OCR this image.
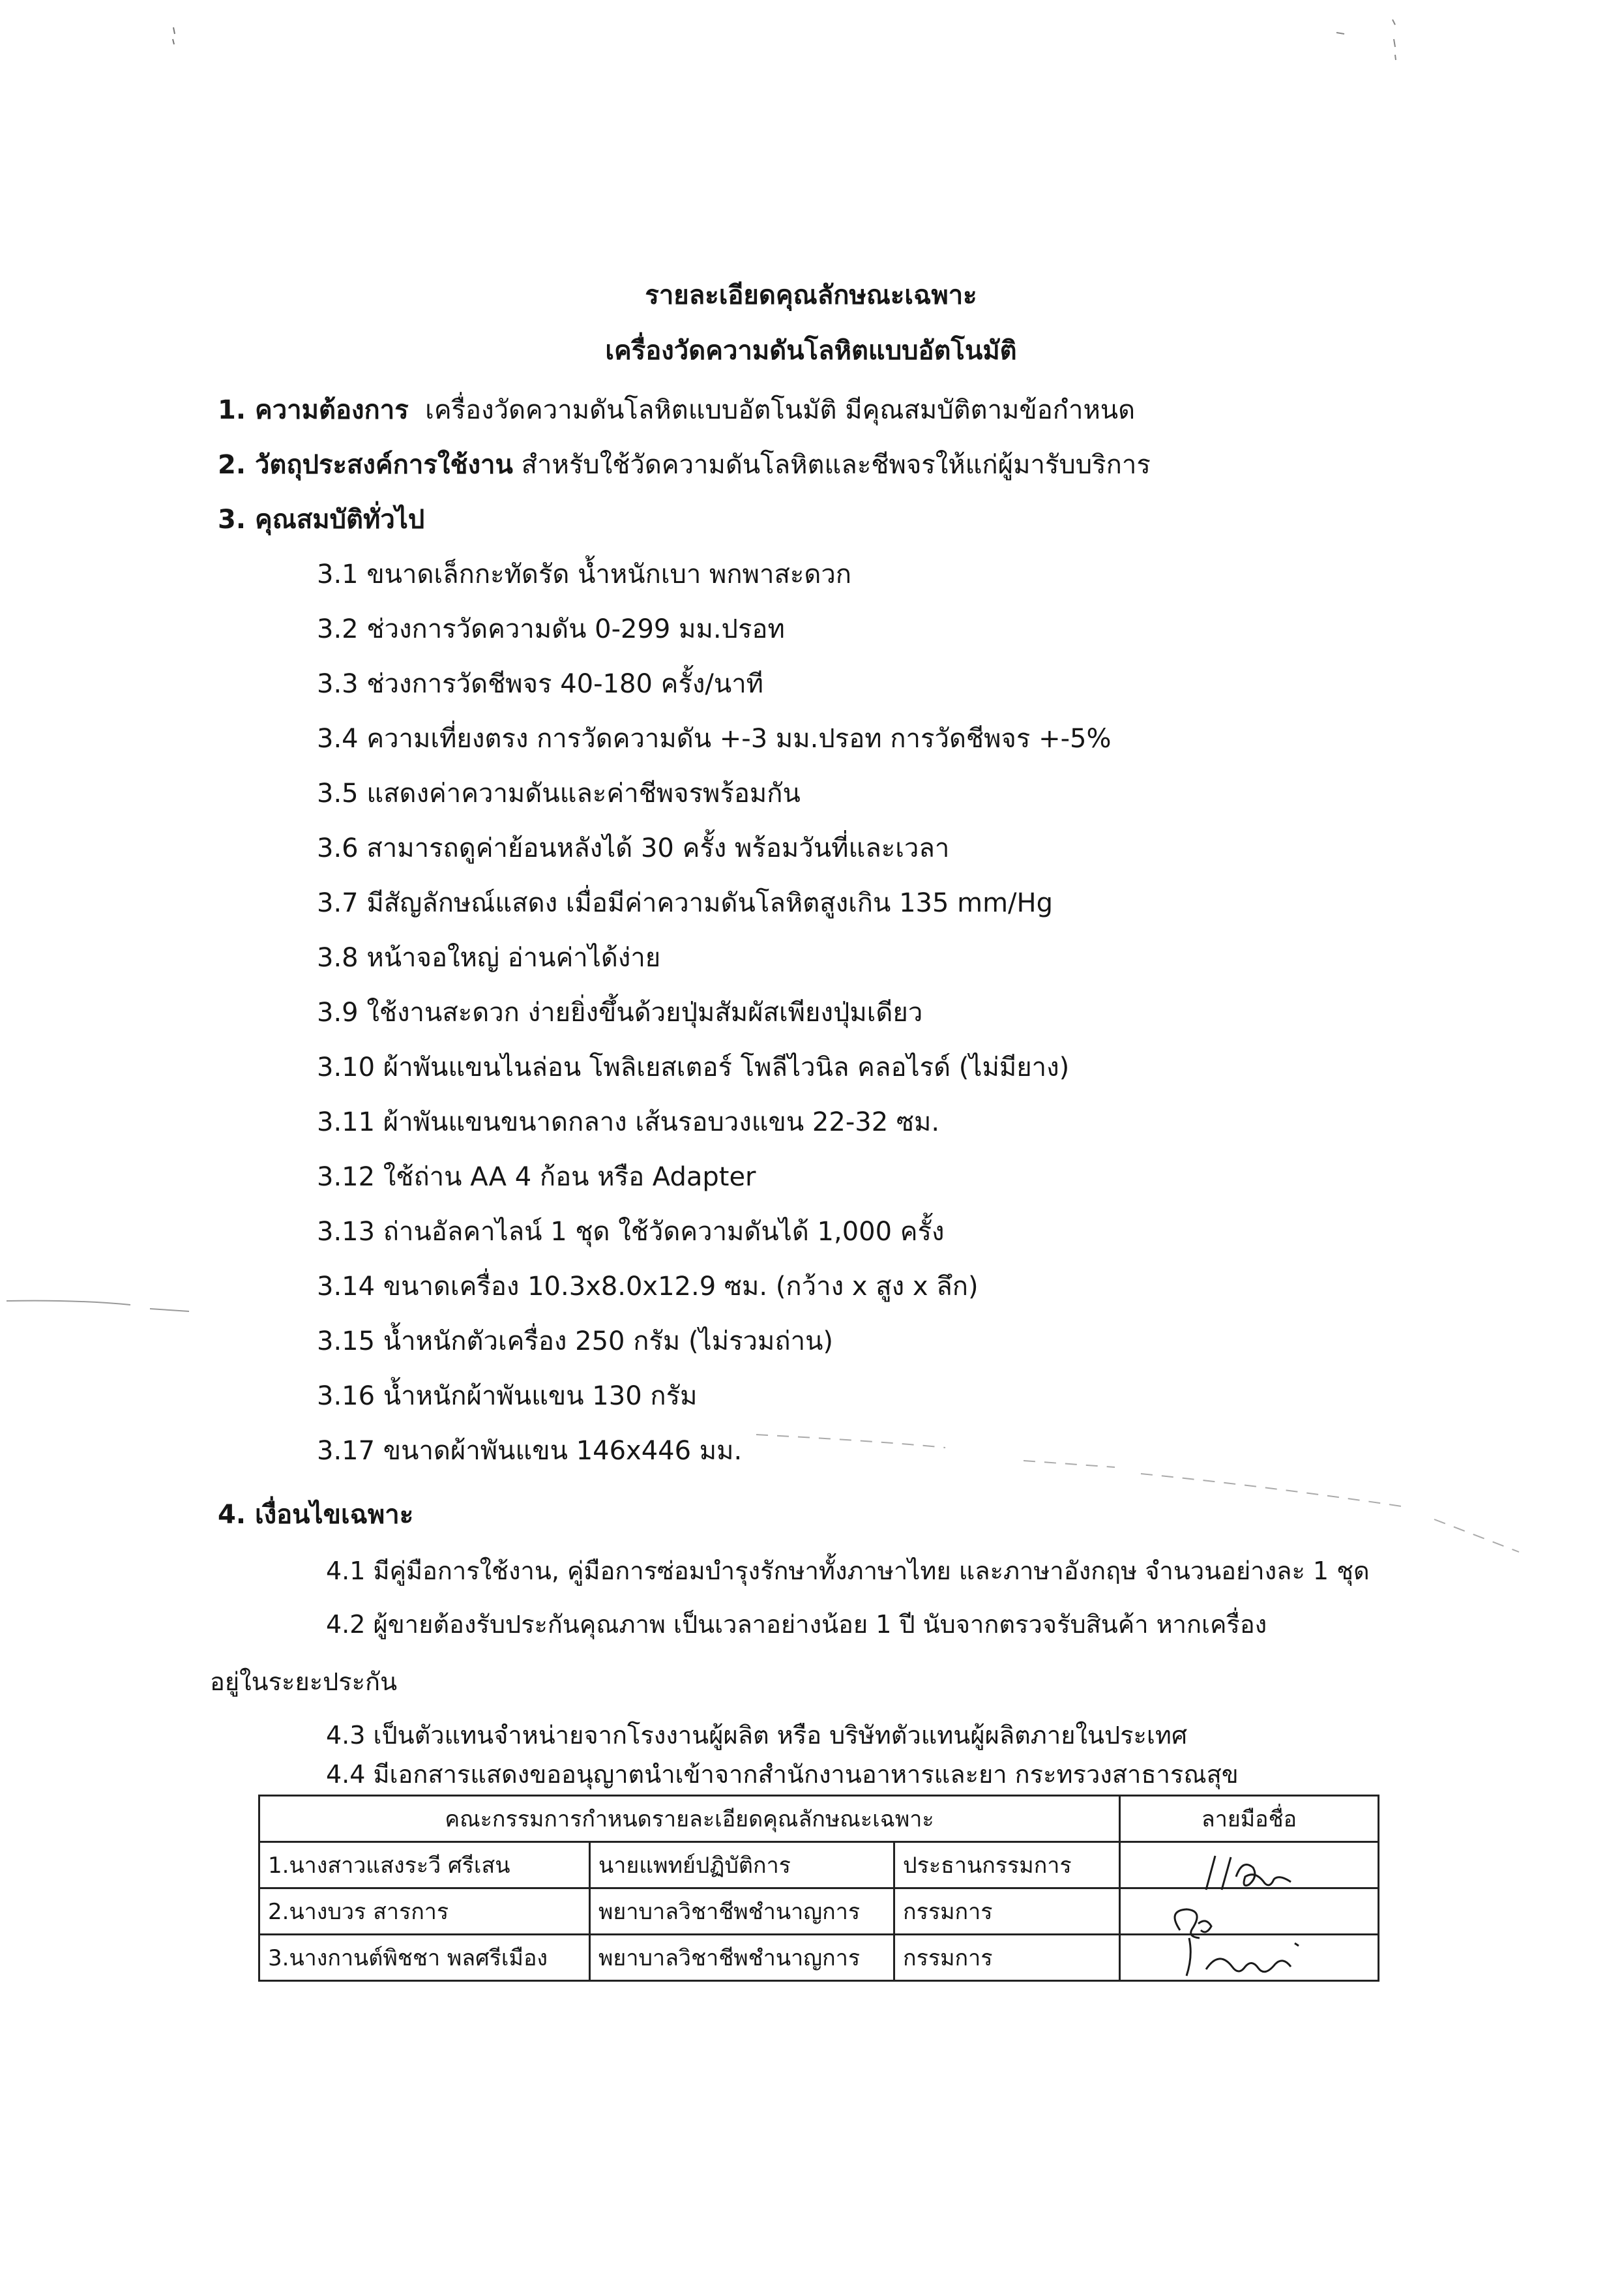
รายละเอียดคุณลักษณะเฉพาะ
เครื่องวัดความดันโลหิตแบบอัตโนมัติ
1. ความต้องการ เครื่องวัดความดันโลหิตแบบอัตโนมัติ มีคุณสมบัติตามข้อกำหนด
2. วัตถุประสงค์การใช้งาน สำหรับใช้วัดความดันโลหิตและชีพจรให้แก่ผู้มารับบริการ
3. คุณสมบัติทั่วไป
3.1 ขนาดเล็กกะทัดรัด น้ำหนักเบา พกพาสะดวก
3.2 ช่วงการวัดความดัน 0-299 มม.ปรอท
3.3 ช่วงการวัดชีพจร 40-180 ครั้ง/นาที
3.4 ความเที่ยงตรง การวัดความดัน +-3 มม.ปรอท การวัดชีพจร +-5%
3.5 แสดงค่าความดันและค่าชีพจรพร้อมกัน
3.6 สามารถดูค่าย้อนหลังได้ 30 ครั้ง พร้อมวันที่และเวลา
3.7 มีสัญลักษณ์แสดง เมื่อมีค่าความดันโลหิตสูงเกิน 135 mm/Hg
3.8 หน้าจอใหญ่ อ่านค่าได้ง่าย
3.9 ใช้งานสะดวก ง่ายยิ่งขึ้นด้วยปุ่มสัมผัสเพียงปุ่มเดียว
3.10 ผ้าพันแขนไนล่อน โพลิเยสเตอร์ โพลีไวนิล คลอไรด์ (ไม่มียาง)
3.11 ผ้าพันแขนขนาดกลาง เส้นรอบวงแขน 22-32 ซม.
3.12 ใช้ถ่าน AA 4 ก้อน หรือ Adapter
3.13 ถ่านอัลคาไลน์ 1 ชุด ใช้วัดความดันได้ 1,000 ครั้ง
3.14 ขนาดเครื่อง 10.3x8.0x12.9 ซม. (กว้าง x สูง x ลึก)
3.15 น้ำหนักตัวเครื่อง 250 กรัม (ไม่รวมถ่าน)
3.16 น้ำหนักผ้าพันแขน 130 กรัม
3.17 ขนาดผ้าพันแขน 146x446 มม.
4. เงื่อนไขเฉพาะ
4.1 มีคู่มือการใช้งาน, คู่มือการซ่อมบำรุงรักษาทั้งภาษาไทย และภาษาอังกฤษ จำนวนอย่างละ 1 ชุด
4.2 ผู้ขายต้องรับประกันคุณภาพ เป็นเวลาอย่างน้อย 1 ปี นับจากตรวจรับสินค้า หากเครื่อง
อยู่ในระยะประกัน
4.3 เป็นตัวแทนจำหน่ายจากโรงงานผู้ผลิต หรือ บริษัทตัวแทนผู้ผลิตภายในประเทศ
4.4 มีเอกสารแสดงขออนุญาตนำเข้าจากสำนักงานอาหารและยา กระทรวงสาธารณสุข
คณะกรรมการกำหนดรายละเอียดคุณลักษณะเฉพาะ			ลายมือชื่อ
1.นางสาวแสงระวี ศรีเสน	นายแพทย์ปฏิบัติการ	ประธานกรรมการ	
2.นางบวร สารการ	พยาบาลวิชาชีพชำนาญการ	กรรมการ	
3.นางกานต์พิชชา พลศรีเมือง	พยาบาลวิชาชีพชำนาญการ	กรรมการ	
